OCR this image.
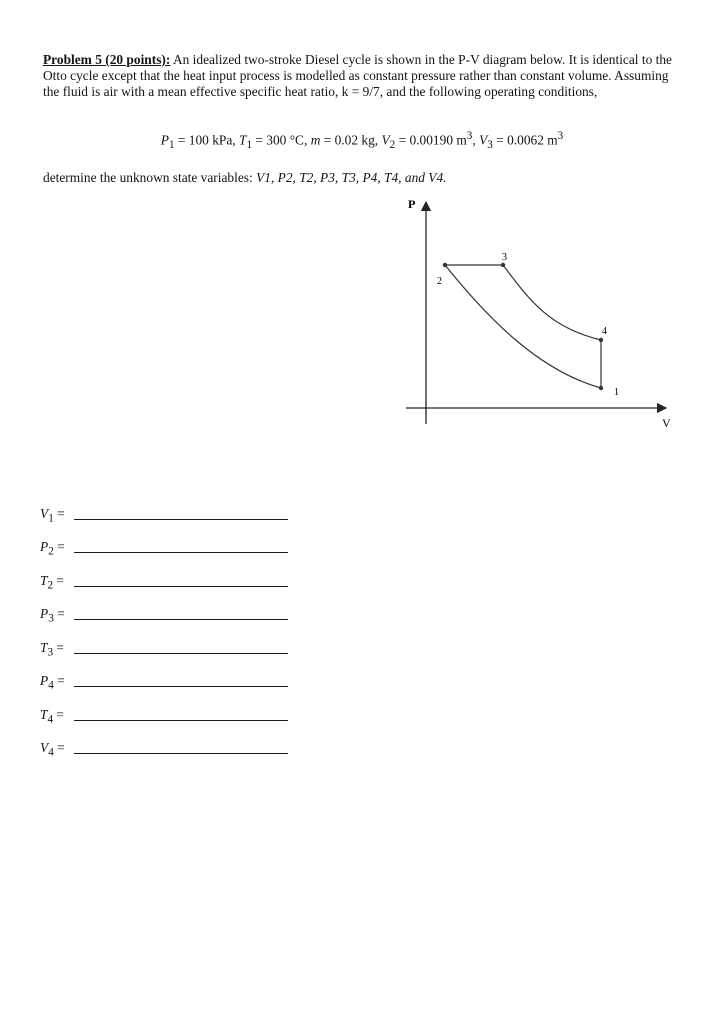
Problem 5 (20 points): An idealized two-stroke Diesel cycle is shown in the P-V diagram below. It is identical to the Otto cycle except that the heat input process is modelled as constant pressure rather than constant volume. Assuming the fluid is air with a mean effective specific heat ratio, k = 9/7, and the following operating conditions,
$P_1 = 100$ kPa, $T_1 = 300$ °C, m = 0.02 kg, $V_2 = 0.00190$ $m^3$, $V_3 = 0.0062$ $m^3$
determine the unknown state variables: V1, P2, T2, P3, T3, P4, T4, and V4.
P
V
2
3
4
1
$V_1$ =
$P_2$ =
$T_2$ =
$P_3$ =
$T_3$ =
$P_4$ =
$T_4$ =
$V_4$ =
